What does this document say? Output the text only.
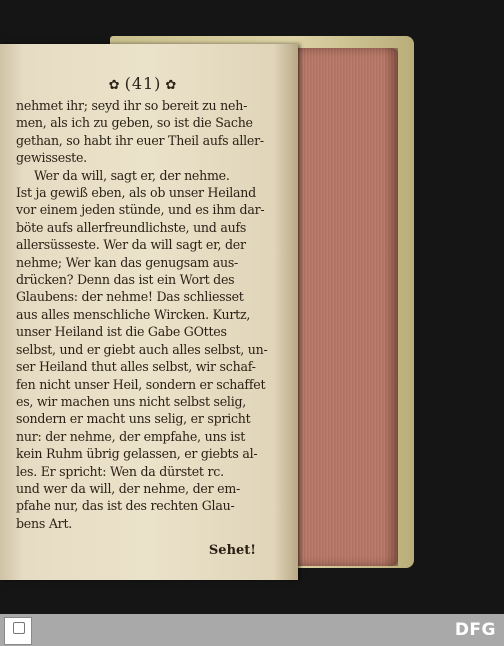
✿ (41) ✿
nehmet ihr; seyd ihr so bereit zu neh-
men, als ich zu geben, so ist die Sache
gethan, so habt ihr euer Theil aufs aller-
gewisseste.
Wer da will, sagt er, der nehme.
Ist ja gewiß eben, als ob unser Heiland
vor einem jeden stünde, und es ihm dar-
böte aufs allerfreundlichste, und aufs
allersüsseste. Wer da will sagt er, der
nehme; Wer kan das genugsam aus-
drücken? Denn das ist ein Wort des
Glaubens: der nehme! Das schliesset
aus alles menschliche Wircken. Kurtz,
unser Heiland ist die Gabe GOttes
selbst, und er giebt auch alles selbst, un-
ser Heiland thut alles selbst, wir schaf-
fen nicht unser Heil, sondern er schaffet
es, wir machen uns nicht selbst selig,
sondern er macht uns selig, er spricht
nur: der nehme, der empfahe, uns ist
kein Ruhm übrig gelassen, er giebts al-
les. Er spricht: Wen da dürstet rc.
und wer da will, der nehme, der em-
pfahe nur, das ist des rechten Glau-
bens Art.
Sehet!
DFG
